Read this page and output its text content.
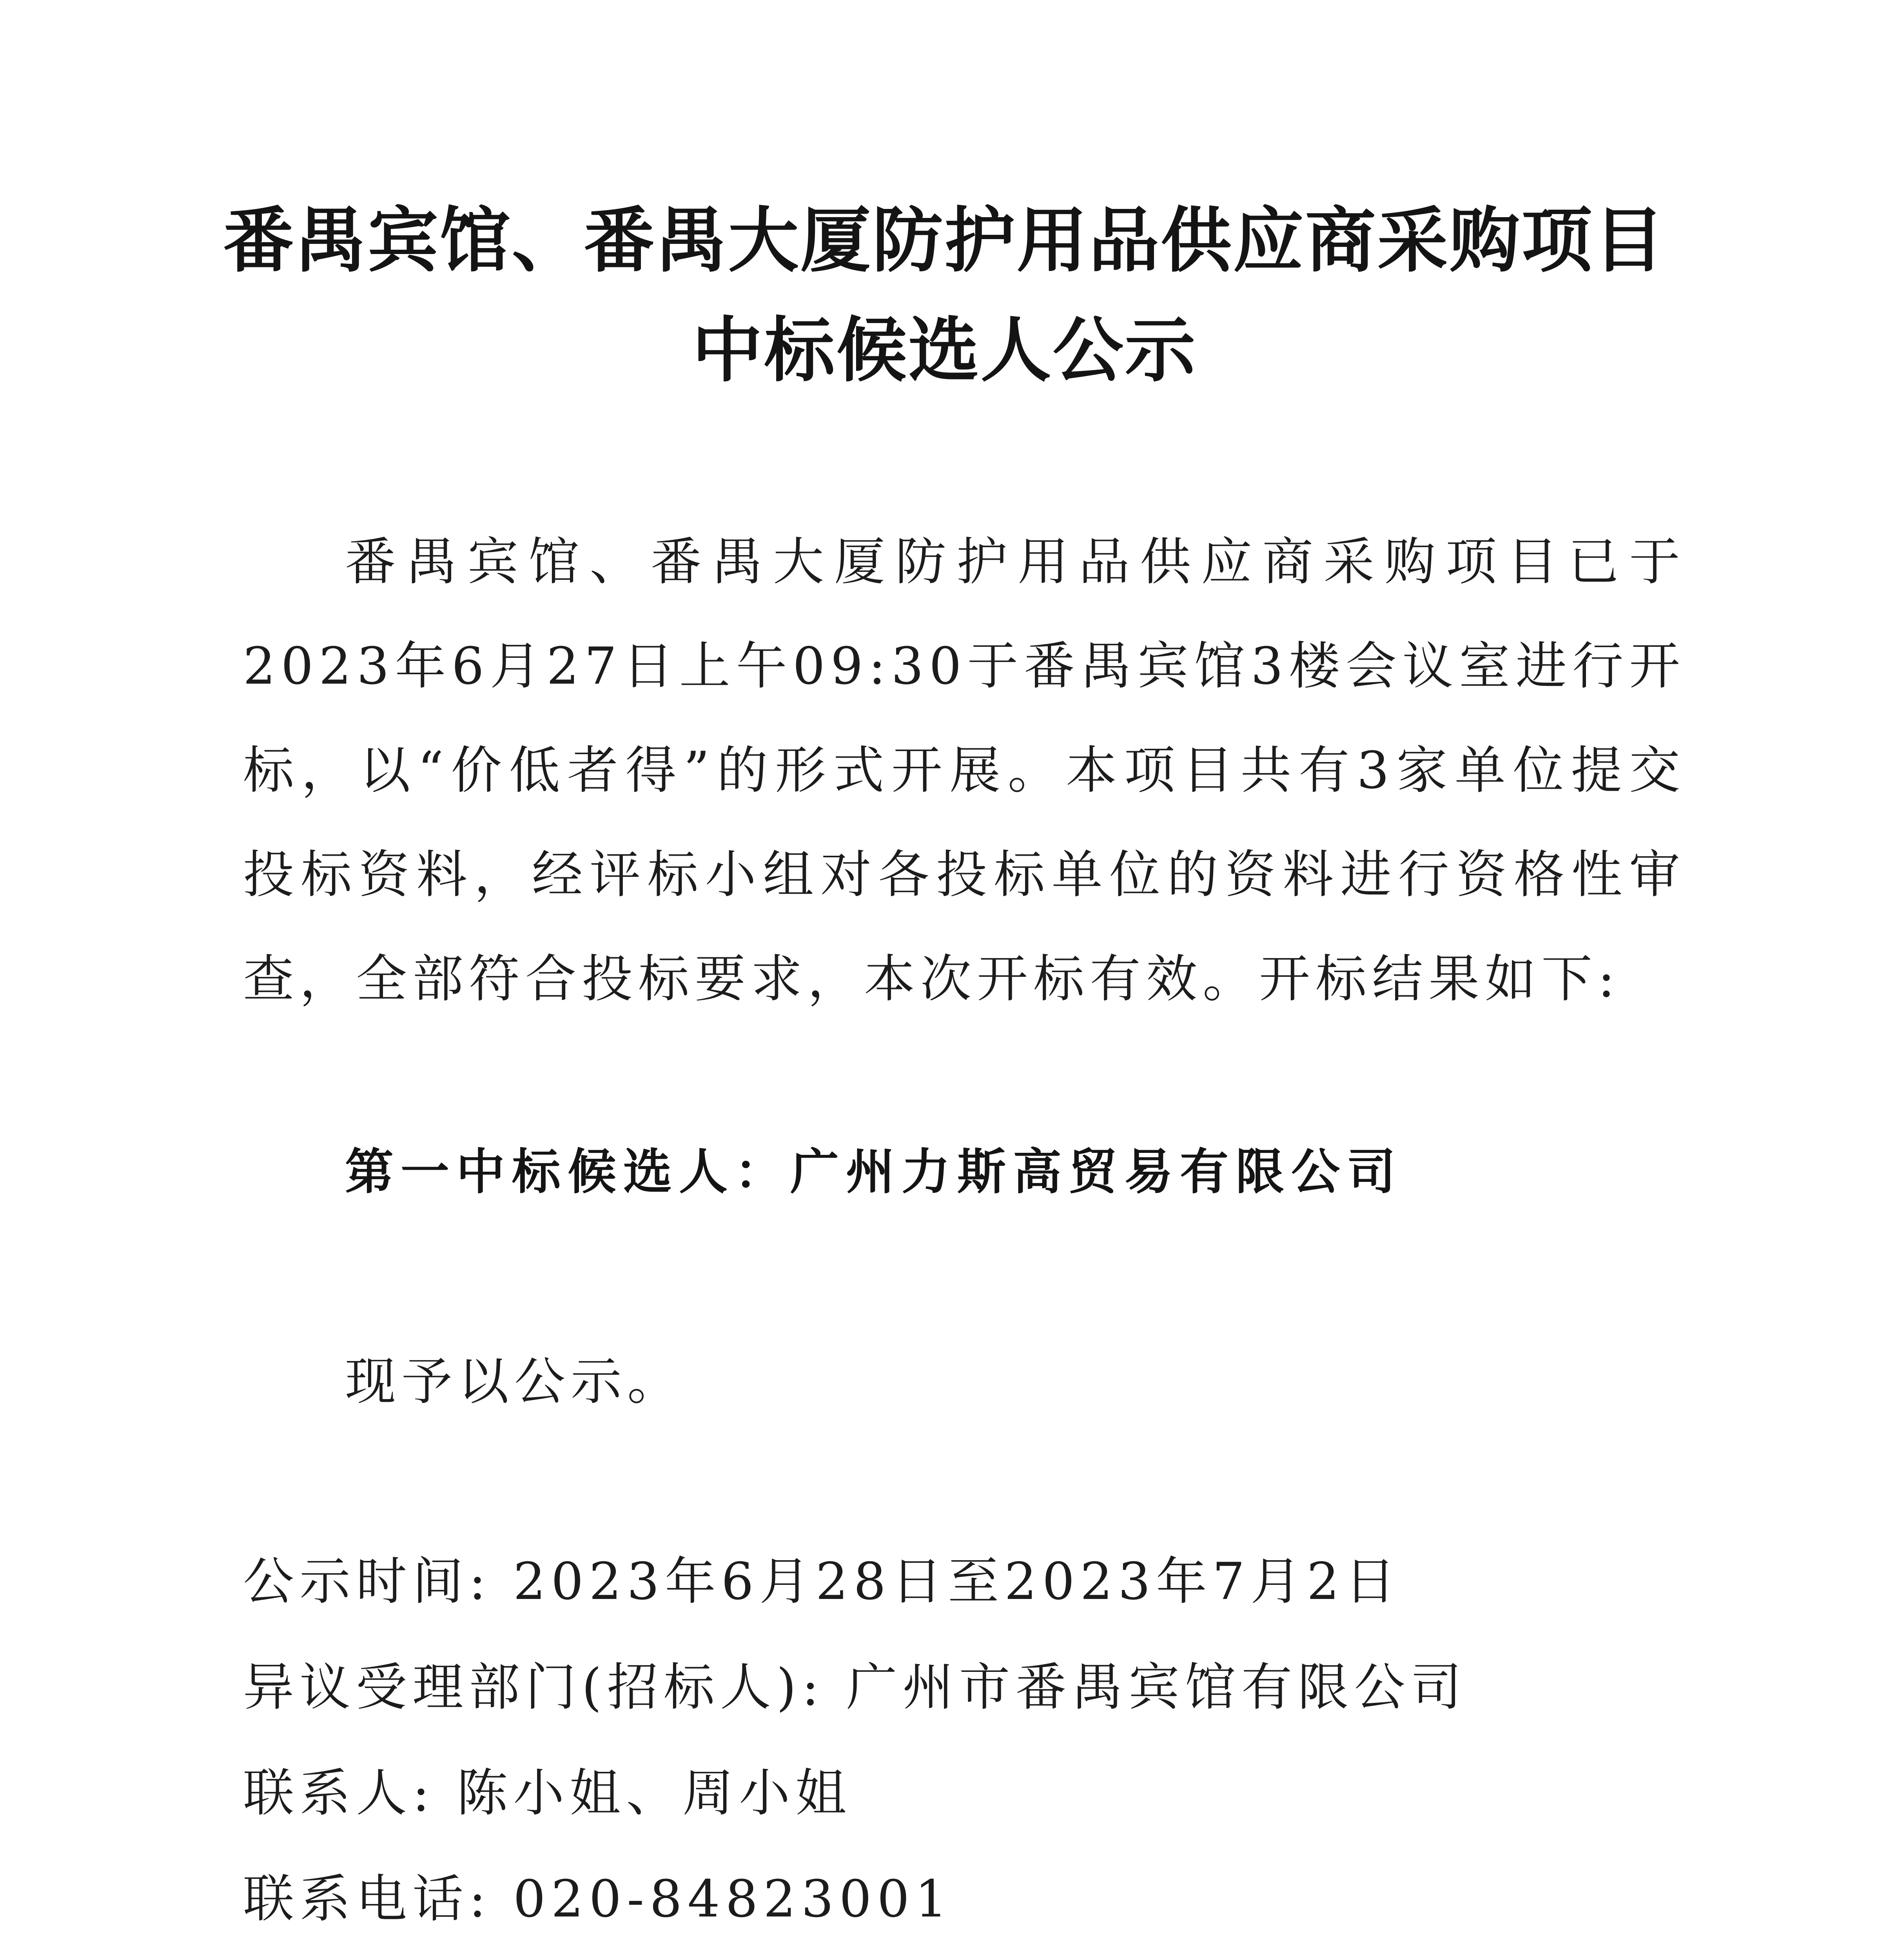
番禺宾馆、番禺大厦防护用品供应商采购项目
中标候选人公示

番禺宾馆、番禺大厦防护用品供应商采购项目已于2023年6月27日上午09:30于番禺宾馆3楼会议室进行开标，以“价低者得”的形式开展。本项目共有3家单位提交投标资料，经评标小组对各投标单位的资料进行资格性审查，全部符合投标要求，本次开标有效。开标结果如下:

第一中标候选人：广州力斯高贸易有限公司
现予以公示。
公示时间: 2023年6月28日至2023年7月2日
异议受理部门(招标人): 广州市番禺宾馆有限公司
联系人: 陈小姐、周小姐
联系电话: 020-84823001
